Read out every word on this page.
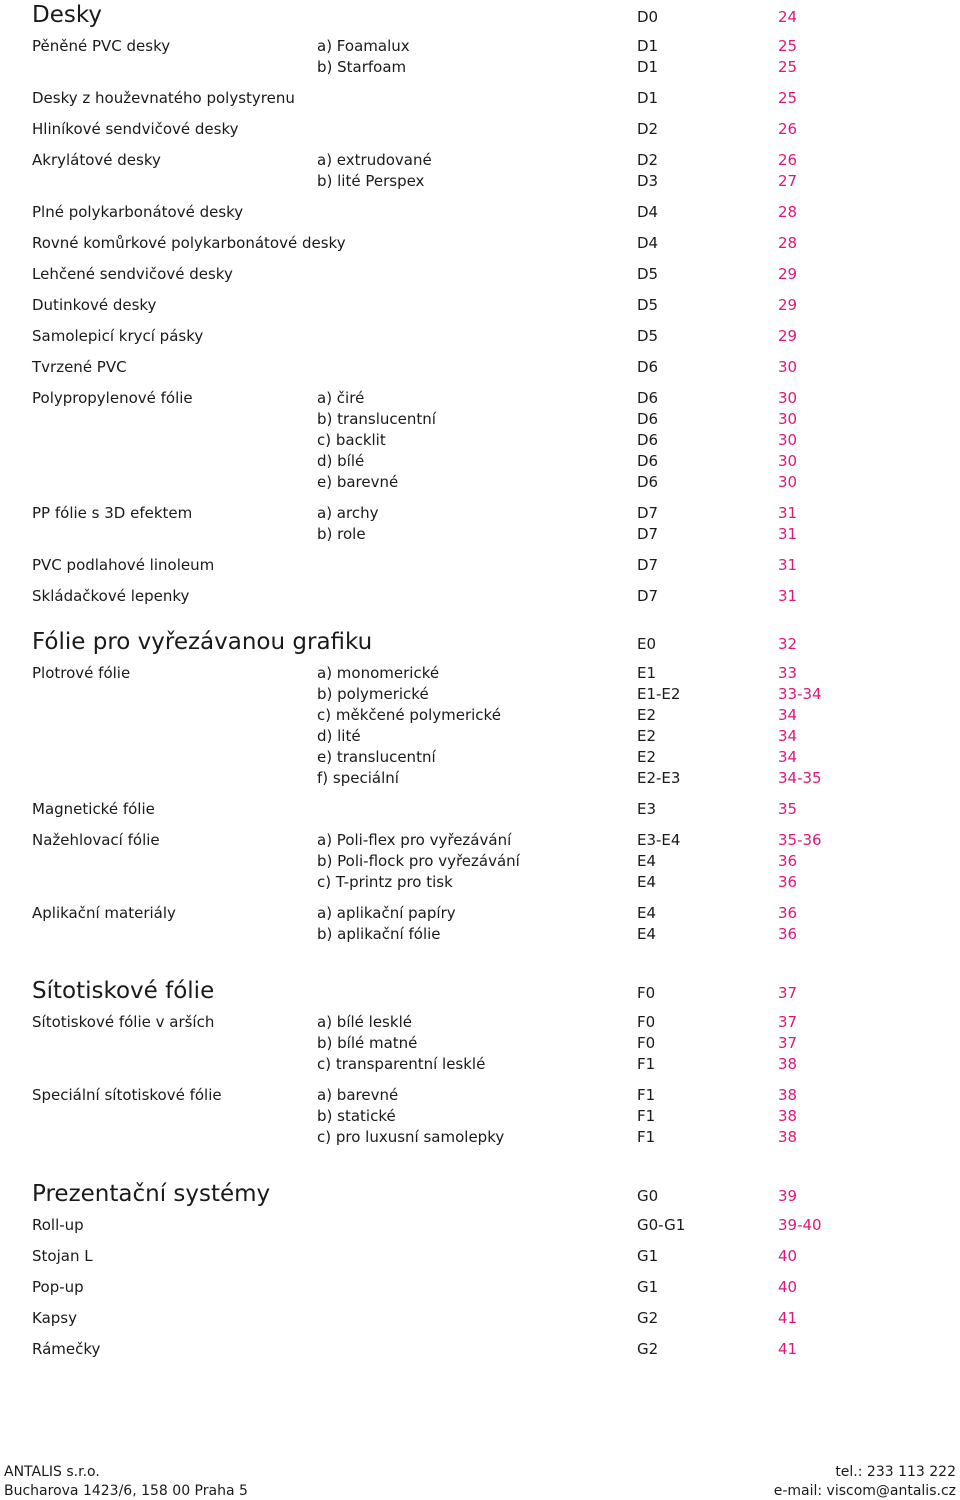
Desky	D0	24
Pěněné PVC desky	a) Foamalux	D1	25
b) Starfoam	D1	25
Desky z houževnatého polystyrenu	D1	25
Hliníkové sendvičové desky	D2	26
Akrylátové desky	a) extrudované	D2	26
b) lité Perspex	D3	27
Plné polykarbonátové desky	D4	28
Rovné komůrkové polykarbonátové desky	D4	28
Lehčené sendvičové desky	D5	29
Dutinkové desky	D5	29
Samolepicí krycí pásky	D5	29
Tvrzené PVC	D6	30
Polypropylenové fólie	a) čiré	D6	30
b) translucentní	D6	30
c) backlit	D6	30
d) bílé	D6	30
e) barevné	D6	30
PP fólie s 3D efektem	a) archy	D7	31
b) role	D7	31
PVC podlahové linoleum	D7	31
Skládačkové lepenky	D7	31
Fólie pro vyřezávanou grafiku	E0	32
Plotrové fólie	a) monomerické	E1	33
b) polymerické	E1-E2	33-34
c) měkčené polymerické	E2	34
d) lité	E2	34
e) translucentní	E2	34
f) speciální	E2-E3	34-35
Magnetické fólie	E3	35
Nažehlovací fólie	a) Poli-flex pro vyřezávání	E3-E4	35-36
b) Poli-flock pro vyřezávání	E4	36
c) T-printz pro tisk	E4	36
Aplikační materiály	a) aplikační papíry	E4	36
b) aplikační fólie	E4	36
Sítotiskové fólie	F0	37
Sítotiskové fólie v arších	a) bílé lesklé	F0	37
b) bílé matné	F0	37
c) transparentní lesklé	F1	38
Speciální sítotiskové fólie	a) barevné	F1	38
b) statické	F1	38
c) pro luxusní samolepky	F1	38
Prezentační systémy	G0	39
Roll-up	G0-G1	39-40
Stojan L	G1	40
Pop-up	G1	40
Kapsy	G2	41
Rámečky	G2	41
ANTALIS s.r.o.
Bucharova 1423/6, 158 00 Praha 5
tel.: 233 113 222
e-mail: viscom@antalis.cz
